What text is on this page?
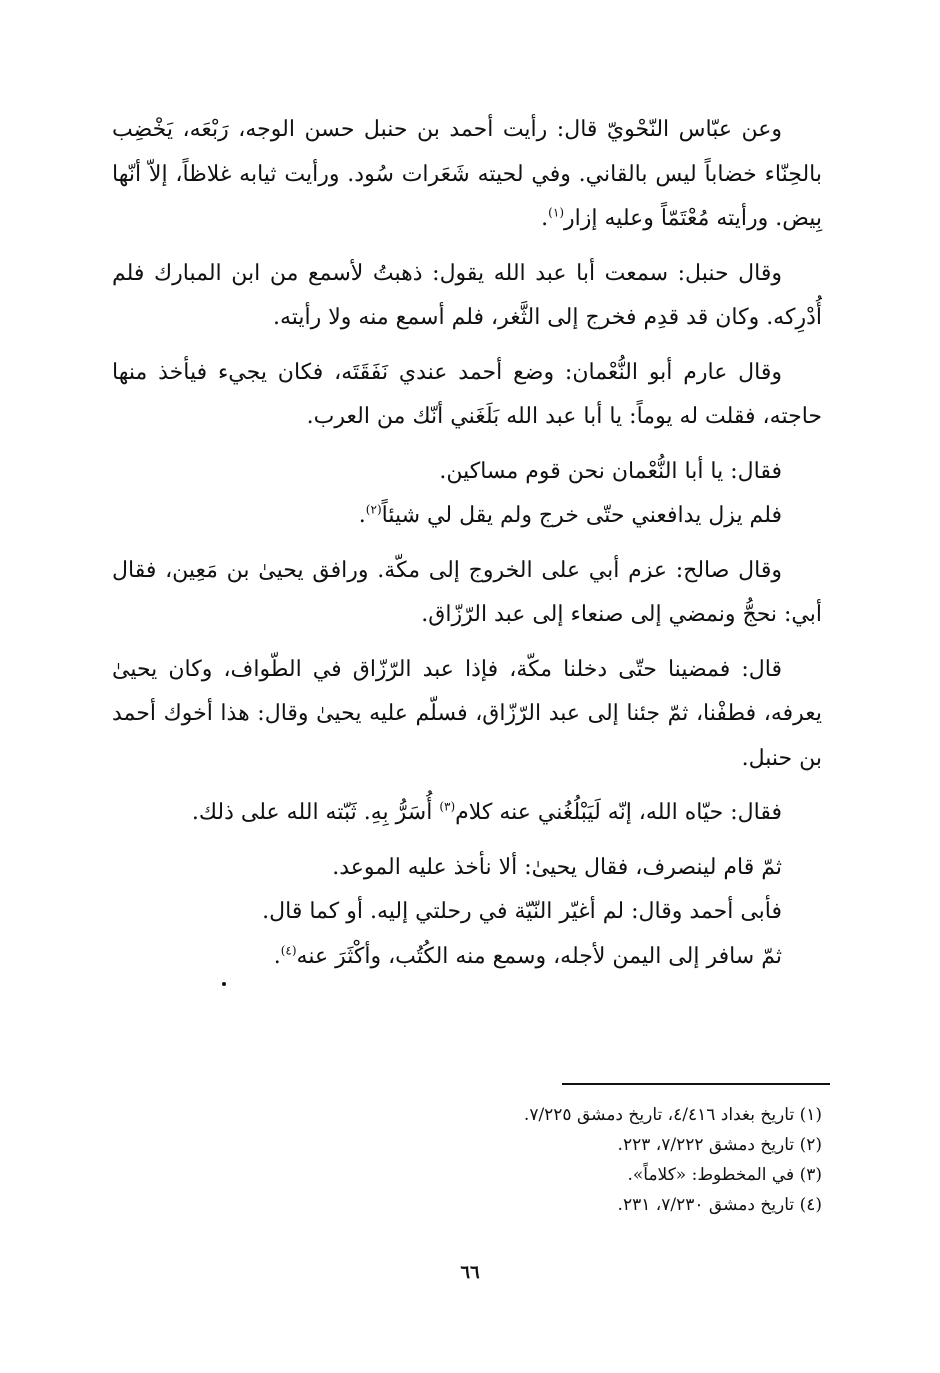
وعن عبّاس النّحْويّ قال: رأيت أحمد بن حنبل حسن الوجه، رَبْعَه، يَخْضِب بالحِنّاء خضاباً ليس بالقاني. وفي لحيته شَعَرات سُود. ورأيت ثيابه غلاظاً، إلاّ أنّها بِيض. ورأيته مُعْتَمّاً وعليه إزار$^{(١)}$.

وقال حنبل: سمعت أبا عبد الله يقول: ذهبتُ لأسمع من ابن المبارك فلم أُدْرِكه. وكان قد قدِم فخرج إلى الثَّغر، فلم أسمع منه ولا رأيته.

وقال عارم أبو النُّعْمان: وضع أحمد عندي نَفَقَتَه، فكان يجيء فيأخذ منها حاجته، فقلت له يوماً: يا أبا عبد الله بَلَغَني أنّك من العرب.

فقال: يا أبا النُّعْمان نحن قوم مساكين.

فلم يزل يدافعني حتّى خرج ولم يقل لي شيئاً$^{(٢)}$.

وقال صالح: عزم أبي على الخروج إلى مكّة. ورافق يحيىٰ بن مَعِين، فقال أبي: نحجُّ ونمضي إلى صنعاء إلى عبد الرّزّاق.

قال: فمضينا حتّى دخلنا مكّة، فإذا عبد الرّزّاق في الطّواف، وكان يحيىٰ يعرفه، فطفْنا، ثمّ جئنا إلى عبد الرّزّاق، فسلّم عليه يحيىٰ وقال: هذا أخوك أحمد بن حنبل.

فقال: حيّاه الله، إنّه لَيَبْلُغُني عنه كلام$^{(٣)}$ أُسَرُّ بِهِ. ثَبّته الله على ذلك.

ثمّ قام لينصرف، فقال يحيىٰ: ألا نأخذ عليه الموعد.

فأبى أحمد وقال: لم أغيّر النّيّة في رحلتي إليه. أو كما قال.

ثمّ سافر إلى اليمن لأجله، وسمع منه الكُتُب، وأكْثَرَ عنه$^{(٤)}$.

(١) تاريخ بغداد ٤/٤١٦، تاريخ دمشق ٧/٢٢٥.

(٢) تاريخ دمشق ٧/٢٢٢، ٢٢٣.

(٣) في المخطوط: «كلاماً».

(٤) تاريخ دمشق ٧/٢٣٠، ٢٣١.

٦٦
